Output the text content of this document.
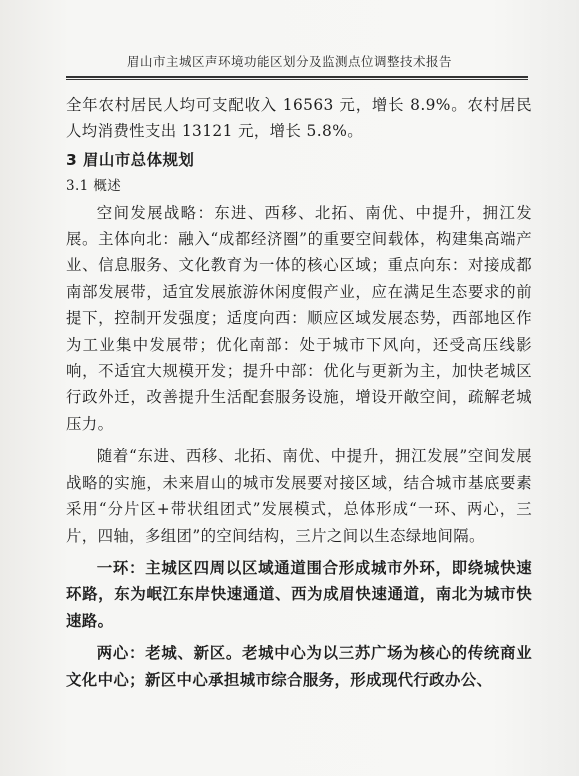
眉山市主城区声环境功能区划分及监测点位调整技术报告

全年农村居民人均可支配收入 16563 元，增长 8.9%。农村居民人均消费性支出 13121 元，增长 5.8%。

3 眉山市总体规划

3.1 概述

空间发展战略：东进、西移、北拓、南优、中提升，拥江发展。主体向北：融入“成都经济圈”的重要空间载体，构建集高端产业、信息服务、文化教育为一体的核心区域；重点向东：对接成都南部发展带，适宜发展旅游休闲度假产业，应在满足生态要求的前提下，控制开发强度；适度向西：顺应区域发展态势，西部地区作为工业集中发展带；优化南部：处于城市下风向，还受高压线影响，不适宜大规模开发；提升中部：优化与更新为主，加快老城区行政外迁，改善提升生活配套服务设施，增设开敞空间，疏解老城压力。

随着“东进、西移、北拓、南优、中提升，拥江发展”空间发展战略的实施，未来眉山的城市发展要对接区域，结合城市基底要素采用“分片区+带状组团式”发展模式，总体形成“一环、两心，三片，四轴，多组团”的空间结构，三片之间以生态绿地间隔。

一环：主城区四周以区域通道围合形成城市外环，即绕城快速环路，东为岷江东岸快速通道、西为成眉快速通道，南北为城市快速路。

两心：老城、新区。老城中心为以三苏广场为核心的传统商业文化中心；新区中心承担城市综合服务，形成现代行政办公、
